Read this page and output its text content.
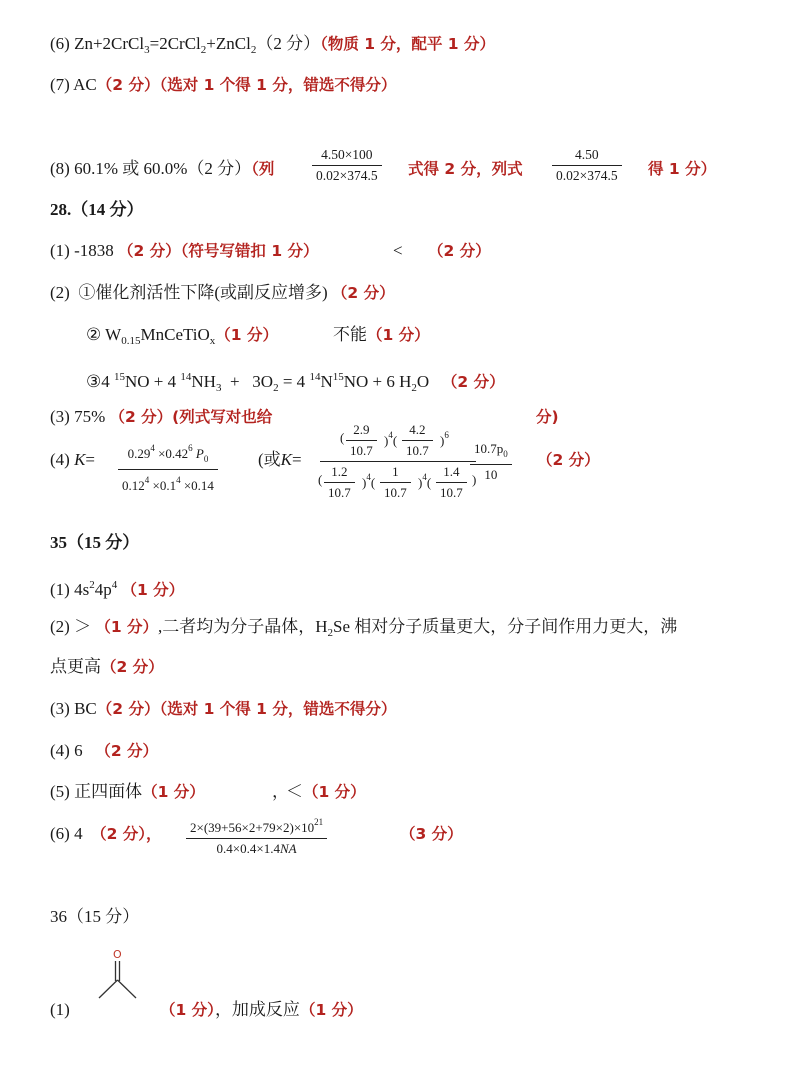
(6) Zn+2CrCl$_3$=2CrCl$_2$+ZnCl$_2$（2 分）（物质 1 分，配平 1 分）
(7) AC（2 分）（选对 1 个得 1 分，错选不得分）
(8) 60.1% 或 60.0%（2 分）（列	$\frac{4.50\times 100}{0.02\times 374.5}$ 式得 2 分，列式 $\frac{4.50}{0.02\times 374.5}$ 得 1 分）
28.（14 分）
(1) -1838 （2 分）（符号写错扣 1 分）	< （2 分）
(2) ①催化剂活性下降(或副反应增多) （2 分）
② $W_{0.15}MnCeTiO_x(1$ 分）	不能（1 分）
③4 $^{15}$NO + 4 $^{14}NH_3 + 3O_2 = 4$ $^{14}N^{15}NO + 6$ $H_2O$ （2 分）
(3) 75% （2 分）(列式写对也给	分)
(4) $K= \frac{0.29^4 \times 0.42^6 P_0}{0.12^4 \times 0.1^4 \times 0.14}$ (或K=
( $\frac{2.9}{10.7} )^4( \frac{4.2}{10.7} )^6$
( $\frac{1.2}{10.7} )^4( \frac{1}{10.7} )^4( \frac{1.4}{10.7}$ )
$\frac{10.7p_0}{10} (2$ 分）
35（15 分）
(1) $4s^24p^4$ （1 分）
(2) ＞ （1 分）,二者均为分子晶体，$H_2Se$ 相对分子质量更大，分子间作用力更大，沸
点更高（2 分）
(3) BC（2 分）（选对 1 个得 1 分，错选不得分）
(4) 6 （2 分）
(5) 正四面体（1 分）	，
＜（1 分）
(6) 4 （2 分）， $\frac{2\times(39+56\times 2+79\times 2)\times 10^{21}}{0.4\times 0.4\times 1.4NA}$	（3 分）
36（15 分）
(1)
O
（1 分），加成反应（1 分）
